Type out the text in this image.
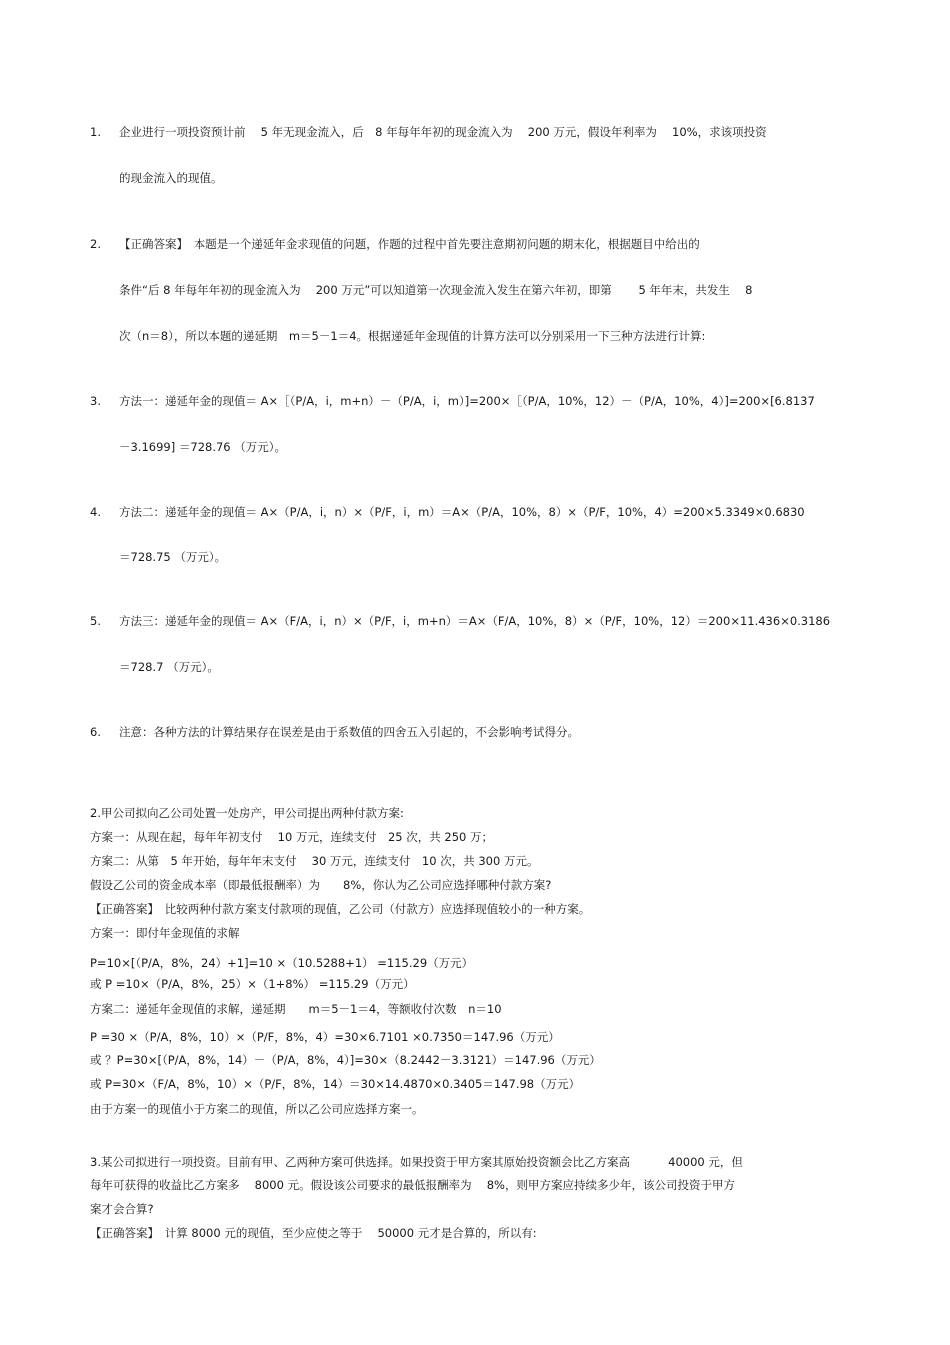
1.	企业进行一项投资预计前　 5 年无现金流入，后　8 年每年年初的现金流入为　 200 万元，假设年利率为　 10%，求该项投资
的现金流入的现值。
2.	【正确答案】　本题是一个递延年金求现值的问题，作题的过程中首先要注意期初问题的期末化，根据题目中给出的
条件“后 8 年每年年初的现金流入为　 200 万元”可以知道第一次现金流入发生在第六年初，即第　　 5 年年末，共发生　 8
次（n＝8），所以本题的递延期　m＝5－1＝4。根据递延年金现值的计算方法可以分别采用一下三种方法进行计算:
3.	方法一：递延年金的现值＝ A×［（P/A，i，m+n）－（P/A，i，m）]=200×［（P/A，10%，12）－（P/A，10%，4）]=200×[6.8137
－3.1699] ＝728.76 （万元）。
4.	方法二：递延年金的现值＝ A×（P/A，i，n）×（P/F，i，m）＝A×（P/A，10%，8）×（P/F，10%，4）=200×5.3349×0.6830
＝728.75 （万元）。
5.	方法三：递延年金的现值＝ A×（F/A，i，n）×（P/F，i，m+n）＝A×（F/A，10%，8）×（P/F，10%，12）＝200×11.436×0.3186
＝728.7 （万元）。
6.	注意：各种方法的计算结果存在误差是由于系数值的四舍五入引起的，不会影响考试得分。
2.甲公司拟向乙公司处置一处房产，甲公司提出两种付款方案:
方案一：从现在起，每年年初支付　 10 万元，连续支付　25 次，共 250 万；
方案二：从第　5 年开始，每年年末支付　 30 万元，连续支付　10 次，共 300 万元。
假设乙公司的资金成本率（即最低报酬率）为　　8%，你认为乙公司应选择哪种付款方案?
【正确答案】　比较两种付款方案支付款项的现值，乙公司（付款方）应选择现值较小的一种方案。
方案一：即付年金现值的求解
P=10×[（P/A，8%，24）+1]=10 ×（10.5288+1） =115.29（万元）
或 P =10×（P/A，8%，25）×（1+8%） =115.29（万元）
方案二：递延年金现值的求解，递延期　　m＝5－1＝4，等额收付次数　n＝10
P =30 ×（P/A，8%，10）×（P/F，8%，4）=30×6.7101 ×0.7350＝147.96（万元）
或 ？P=30×[（P/A，8%，14）－（P/A，8%，4）]=30×（8.2442－3.3121）＝147.96（万元）
或 P=30×（F/A，8%，10）×（P/F，8%，14）＝30×14.4870×0.3405＝147.98（万元）
由于方案一的现值小于方案二的现值，所以乙公司应选择方案一。
3.某公司拟进行一项投资。目前有甲、乙两种方案可供选择。如果投资于甲方案其原始投资额会比乙方案高　　　 40000 元，但
每年可获得的收益比乙方案多　 8000 元。假设该公司要求的最低报酬率为　 8%，则甲方案应持续多少年，该公司投资于甲方
案才会合算?
【正确答案】　计算 8000 元的现值，至少应使之等于　 50000 元才是合算的，所以有:
